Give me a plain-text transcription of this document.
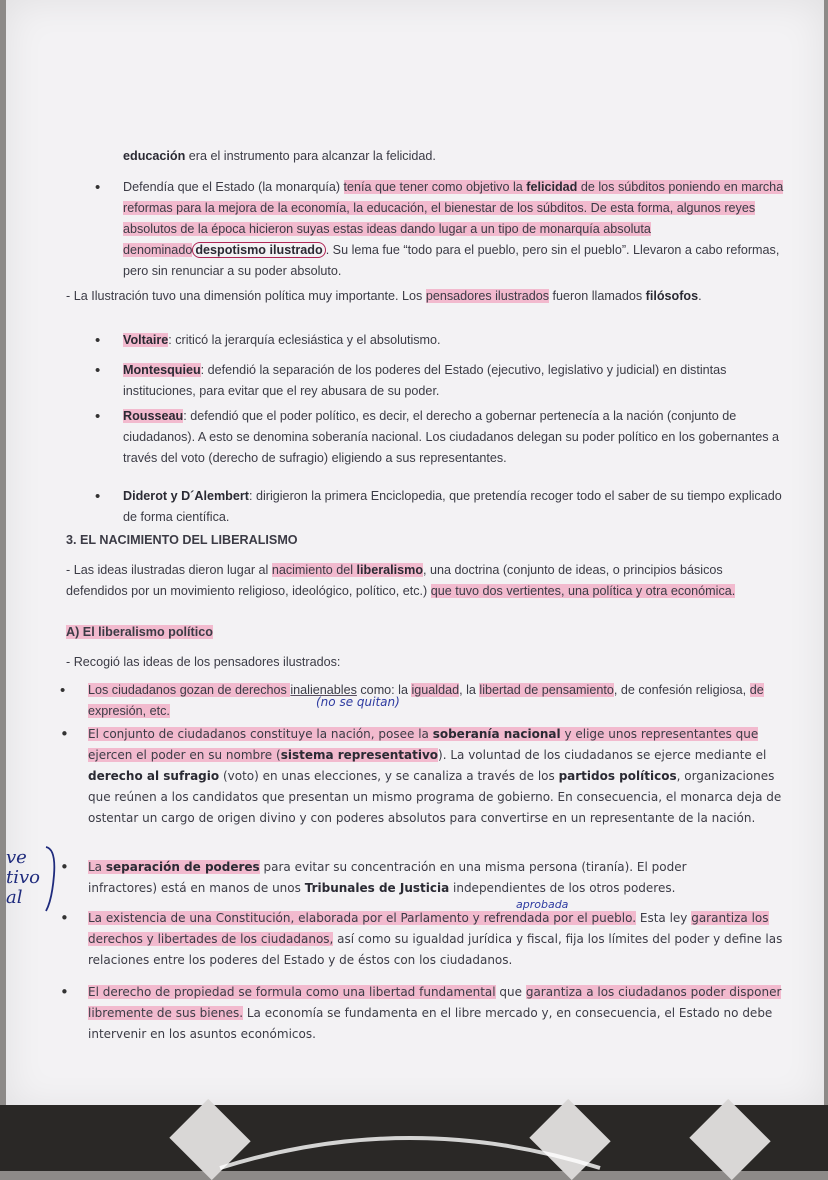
educación era el instrumento para alcanzar la felicidad.

• Defendía que el Estado (la monarquía) tenía que tener como objetivo la felicidad de los súbditos poniendo en marcha reformas para la mejora de la economía, la educación, el bienestar de los súbditos. De esta forma, algunos reyes absolutos de la época hicieron suyas estas ideas dando lugar a un tipo de monarquía absoluta denominado despotismo ilustrado . Su lema fue “todo para el pueblo, pero sin el pueblo”. Llevaron a cabo reformas, pero sin renunciar a su poder absoluto.

- La Ilustración tuvo una dimensión política muy importante. Los pensadores ilustrados fueron llamados filósofos.

• Voltaire: criticó la jerarquía eclesiástica y el absolutismo.

• Montesquieu: defendió la separación de los poderes del Estado (ejecutivo, legislativo y judicial) en distintas instituciones, para evitar que el rey abusara de su poder.

• Rousseau: defendió que el poder político, es decir, el derecho a gobernar pertenecía a la nación (conjunto de ciudadanos). A esto se denomina soberanía nacional. Los ciudadanos delegan su poder político en los gobernantes a través del voto (derecho de sufragio) eligiendo a sus representantes.

• Diderot y D´Alembert: dirigieron la primera Enciclopedia, que pretendía recoger todo el saber de su tiempo explicado de forma científica.

3. EL NACIMIENTO DEL LIBERALISMO

- Las ideas ilustradas dieron lugar al nacimiento del liberalismo, una doctrina (conjunto de ideas, o principios básicos defendidos por un movimiento religioso, ideológico, político, etc.) que tuvo dos vertientes, una política y otra económica.

A) El liberalismo político

- Recogió las ideas de los pensadores ilustrados:

• Los ciudadanos gozan de derechos inalienables como: la igualdad, la libertad de pensamiento, de confesión religiosa, de expresión, etc.

(no se quitan)

• El conjunto de ciudadanos constituye la nación, posee la soberanía nacional y elige unos representantes que ejercen el poder en su nombre (sistema representativo). La voluntad de los ciudadanos se ejerce mediante el derecho al sufragio (voto) en unas elecciones, y se canaliza a través de los partidos políticos, organizaciones que reúnen a los candidatos que presentan un mismo programa de gobierno. En consecuencia, el monarca deja de ostentar un cargo de origen divino y con poderes absolutos para convertirse en un representante de la nación.

• La separación de poderes para evitar su concentración en una misma persona (tiranía). El poder
infractores) está en manos de unos Tribunales de Justicia independientes de los otros poderes.

• La existencia de una Constitución, elaborada por el Parlamento y refrendada por el pueblo. Esta ley garantiza los derechos y libertades de los ciudadanos, así como su igualdad jurídica y fiscal, fija los límites del poder y define las relaciones entre los poderes del Estado y de éstos con los ciudadanos.

aprobada

• El derecho de propiedad se formula como una libertad fundamental que garantiza a los ciudadanos poder disponer libremente de sus bienes. La economía se fundamenta en el libre mercado y, en consecuencia, el Estado no debe intervenir en los asuntos económicos.

ve
tivo
al
